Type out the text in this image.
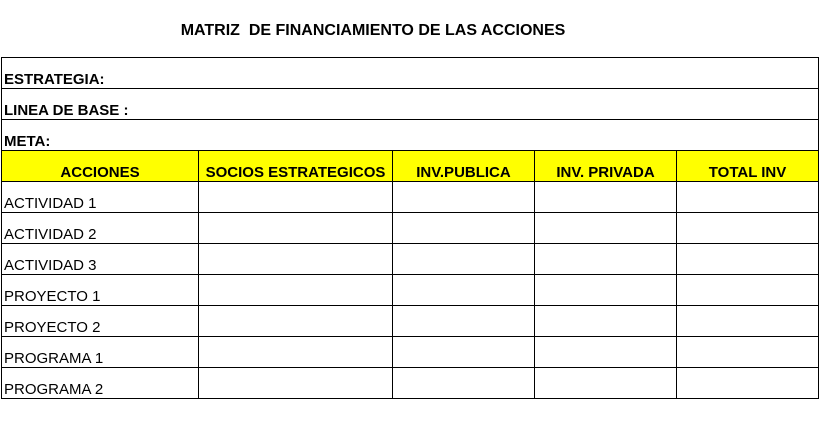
MATRIZ  DE FINANCIAMIENTO DE LAS ACCIONES
ESTRATEGIA:				
LINEA DE BASE :				
META:				
ACCIONES	SOCIOS ESTRATEGICOS	INV.PUBLICA	INV. PRIVADA	TOTAL INV
ACTIVIDAD 1				
ACTIVIDAD 2				
ACTIVIDAD 3				
PROYECTO 1				
PROYECTO 2				
PROGRAMA 1				
PROGRAMA 2				
